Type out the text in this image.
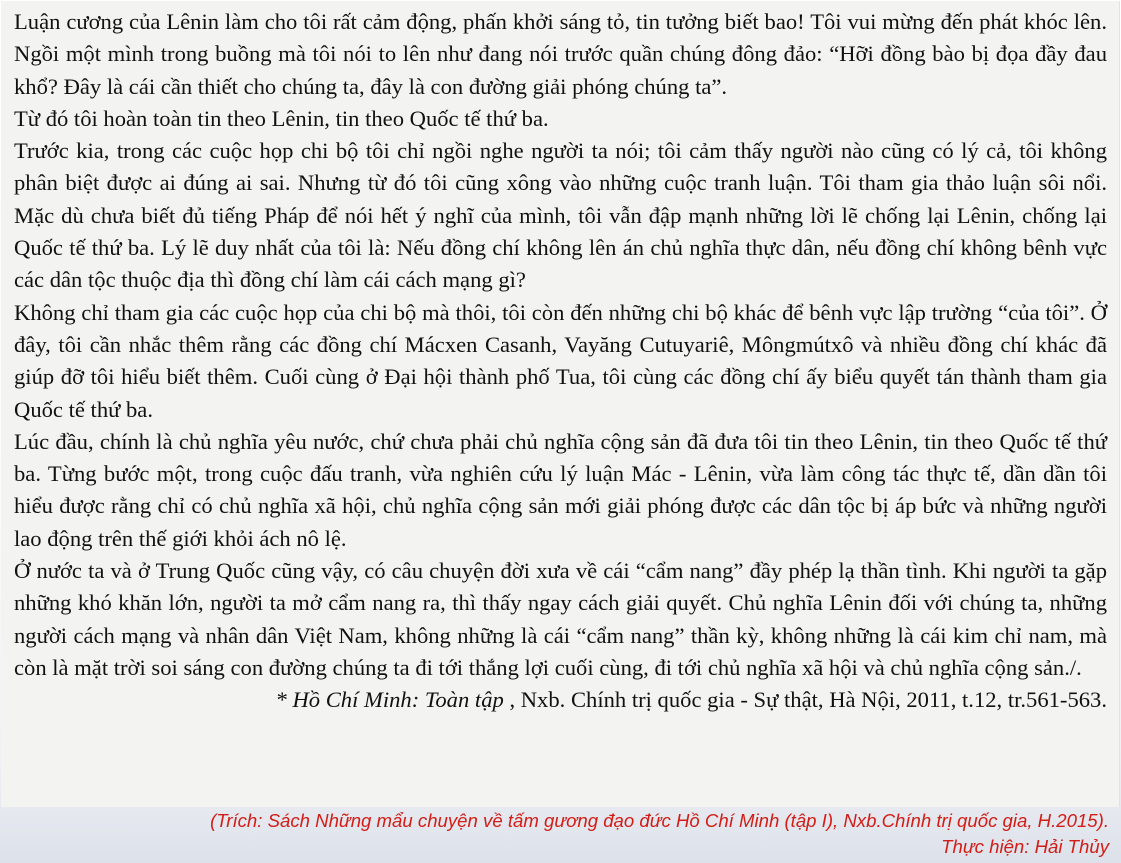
Luận cương của Lênin làm cho tôi rất cảm động, phấn khởi sáng tỏ, tin tưởng biết bao! Tôi vui mừng đến phát khóc lên. Ngồi một mình trong buồng mà tôi nói to lên như đang nói trước quần chúng đông đảo: “Hỡi đồng bào bị đọa đầy đau khổ? Đây là cái cần thiết cho chúng ta, đây là con đường giải phóng chúng ta”.

Từ đó tôi hoàn toàn tin theo Lênin, tin theo Quốc tế thứ ba.

Trước kia, trong các cuộc họp chi bộ tôi chỉ ngồi nghe người ta nói; tôi cảm thấy người nào cũng có lý cả, tôi không phân biệt được ai đúng ai sai. Nhưng từ đó tôi cũng xông vào những cuộc tranh luận. Tôi tham gia thảo luận sôi nổi. Mặc dù chưa biết đủ tiếng Pháp để nói hết ý nghĩ của mình, tôi vẫn đập mạnh những lời lẽ chống lại Lênin, chống lại Quốc tế thứ ba. Lý lẽ duy nhất của tôi là: Nếu đồng chí không lên án chủ nghĩa thực dân, nếu đồng chí không bênh vực các dân tộc thuộc địa thì đồng chí làm cái cách mạng gì?

Không chỉ tham gia các cuộc họp của chi bộ mà thôi, tôi còn đến những chi bộ khác để bênh vực lập trường “của tôi”. Ở đây, tôi cần nhắc thêm rằng các đồng chí Mácxen Casanh, Vayăng Cutuyariê, Môngmútxô và nhiều đồng chí khác đã giúp đỡ tôi hiểu biết thêm. Cuối cùng ở Đại hội thành phố Tua, tôi cùng các đồng chí ấy biểu quyết tán thành tham gia Quốc tế thứ ba.

Lúc đầu, chính là chủ nghĩa yêu nước, chứ chưa phải chủ nghĩa cộng sản đã đưa tôi tin theo Lênin, tin theo Quốc tế thứ ba. Từng bước một, trong cuộc đấu tranh, vừa nghiên cứu lý luận Mác - Lênin, vừa làm công tác thực tế, dần dần tôi hiểu được rằng chỉ có chủ nghĩa xã hội, chủ nghĩa cộng sản mới giải phóng được các dân tộc bị áp bức và những người lao động trên thế giới khỏi ách nô lệ.

Ở nước ta và ở Trung Quốc cũng vậy, có câu chuyện đời xưa về cái “cẩm nang” đầy phép lạ thần tình. Khi người ta gặp những khó khăn lớn, người ta mở cẩm nang ra, thì thấy ngay cách giải quyết. Chủ nghĩa Lênin đối với chúng ta, những người cách mạng và nhân dân Việt Nam, không những là cái “cẩm nang” thần kỳ, không những là cái kim chỉ nam, mà còn là mặt trời soi sáng con đường chúng ta đi tới thắng lợi cuối cùng, đi tới chủ nghĩa xã hội và chủ nghĩa cộng sản./.

* Hồ Chí Minh: Toàn tập , Nxb. Chính trị quốc gia - Sự thật, Hà Nội, 2011, t.12, tr.561-563.

(Trích: Sách Những mẩu chuyện về tấm gương đạo đức Hồ Chí Minh (tập I), Nxb.Chính trị quốc gia, H.2015).
Thực hiện: Hải Thủy
